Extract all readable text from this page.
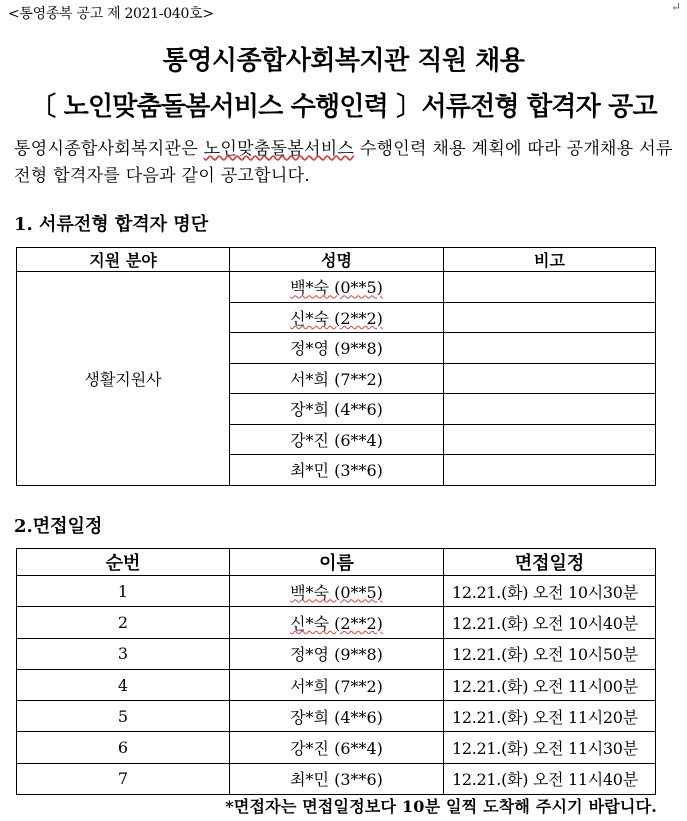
<통영종복 공고 제 2021-040호>	↵
통영시종합사회복지관 직원 채용
〔 노인맞춤돌봄서비스 수행인력 〕서류전형 합격자 공고
통영시종합사회복지관은 노인맞춤돌봄서비스 수행인력 채용 계획에 따라 공개채용 서류전형 합격자를 다음과 같이 공고합니다.
1. 서류전형 합격자 명단
지원 분야	성명	비고
생활지원사	백*숙 (0**5)	
	신*숙 (2**2)	
	정*영 (9**8)	
	서*희 (7**2)	
	장*희 (4**6)	
	강*진 (6**4)	
	최*민 (3**6)	
2.면접일정
순번	이름	면접일정
1	백*숙 (0**5)	12.21.(화) 오전 10시30분
2	신*숙 (2**2)	12.21.(화) 오전 10시40분
3	정*영 (9**8)	12.21.(화) 오전 10시50분
4	서*희 (7**2)	12.21.(화) 오전 11시00분
5	장*희 (4**6)	12.21.(화) 오전 11시20분
6	강*진 (6**4)	12.21.(화) 오전 11시30분
7	최*민 (3**6)	12.21.(화) 오전 11시40분
*면접자는 면접일정보다 10분 일찍 도착해 주시기 바랍니다.
